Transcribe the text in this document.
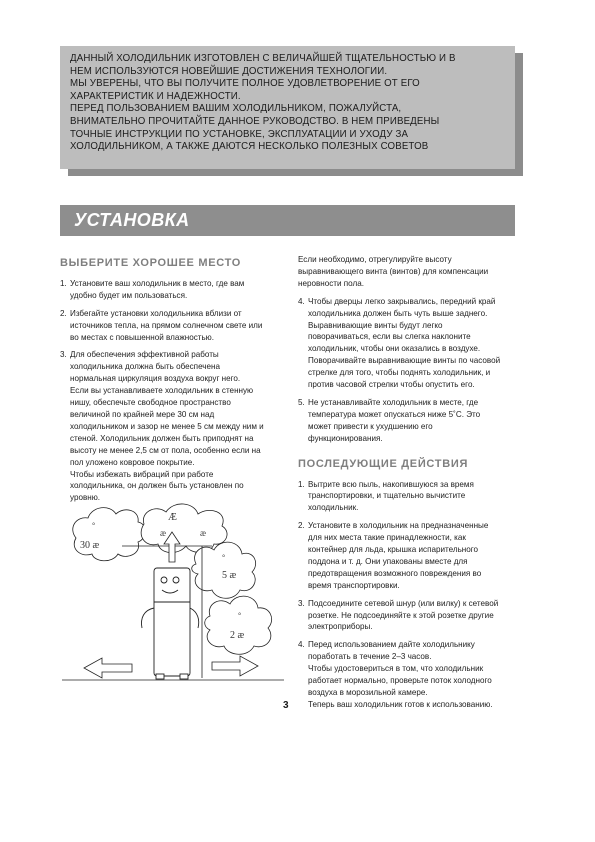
ДАННЫЙ ХОЛОДИЛЬНИК ИЗГОТОВЛЕН С ВЕЛИЧАЙШЕЙ ТЩАТЕЛЬНОСТЬЮ И В
НЕМ ИСПОЛЬЗУЮТСЯ НОВЕЙШИЕ ДОСТИЖЕНИЯ ТЕХНОЛОГИИ.
МЫ УВЕРЕНЫ, ЧТО ВЫ ПОЛУЧИТЕ ПОЛНОЕ УДОВЛЕТВОРЕНИЕ ОТ ЕГО
ХАРАКТЕРИСТИК И НАДЕЖНОСТИ.
ПЕРЕД ПОЛЬЗОВАНИЕМ ВАШИМ ХОЛОДИЛЬНИКОМ, ПОЖАЛУЙСТА,
ВНИМАТЕЛЬНО ПРОЧИТАЙТЕ ДАННОЕ РУКОВОДСТВО. В НЕМ ПРИВЕДЕНЫ
ТОЧНЫЕ ИНСТРУКЦИИ ПО УСТАНОВКЕ, ЭКСПЛУАТАЦИИ И УХОДУ ЗА
ХОЛОДИЛЬНИКОМ, А ТАКЖЕ ДАЮТСЯ НЕСКОЛЬКО ПОЛЕЗНЫХ СОВЕТОВ
УСТАНОВКА
ВЫБЕРИТЕ ХОРОШЕЕ МЕСТО
1. Установите ваш холодильник в место, где вам
удобно будет им пользоваться.
2. Избегайте установки холодильника вблизи от
источников тепла, на прямом солнечном свете или
во местах с повышенной влажностью.
3. Для обеспечения эффективной работы
холодильника должна быть обеспечена
нормальная циркуляция воздуха вокруг него.
Если вы устанавливаете холодильник в стенную
нишу, обеспечьте свободное пространство
величиной по крайней мере 30 см над
холодильником и зазор не менее 5 см между ним и
стеной. Холодильник должен быть приподнят на
высоту не менее 2,5 см от пола, особенно если на
пол уложено ковровое покрытие.
Чтобы избежать вибраций при работе
холодильника, он должен быть установлен по
уровню.
°
30 æ
Æ
æ	æ
°
5 æ
°
2 æ
Если необходимо, отрегулируйте высоту
выравнивающего винта (винтов) для компенсации
неровности пола.
4. Чтобы дверцы легко закрывались, передний край
холодильника должен быть чуть выше заднего.
Выравнивающие винты будут легко
поворачиваться, если вы слегка наклоните
холодильник, чтобы они оказались в воздухе.
Поворачивайте выравнивающие винты по часовой
стрелке для того, чтобы поднять холодильник, и
против часовой стрелки чтобы опустить его.
5. Не устанавливайте холодильник в месте, где
температура может опускаться ниже 5˚C. Это
может привести к ухудшению его
функционирования.
ПОСЛЕДУЮЩИЕ ДЕЙСТВИЯ
1. Вытрите всю пыль, накопившуюся за время
транспортировки, и тщательно вычистите
холодильник.
2. Установите в холодильник на предназначенные
для них места такие принадлежности, как
контейнер для льда, крышка испарительного
поддона и т. д. Они упакованы вместе для
предотвращения возможного повреждения во
время транспортировки.
3. Подсоедините сетевой шнур (или вилку) к сетевой
розетке. Не подсоединяйте к этой розетке другие
электроприборы.
4. Перед использованием дайте холодильнику
поработать в течение 2–3 часов.
Чтобы удостовериться в том, что холодильник
работает нормально, проверьте поток холодного
воздуха в морозильной камере.
Теперь ваш холодильник готов к использованию.
3
